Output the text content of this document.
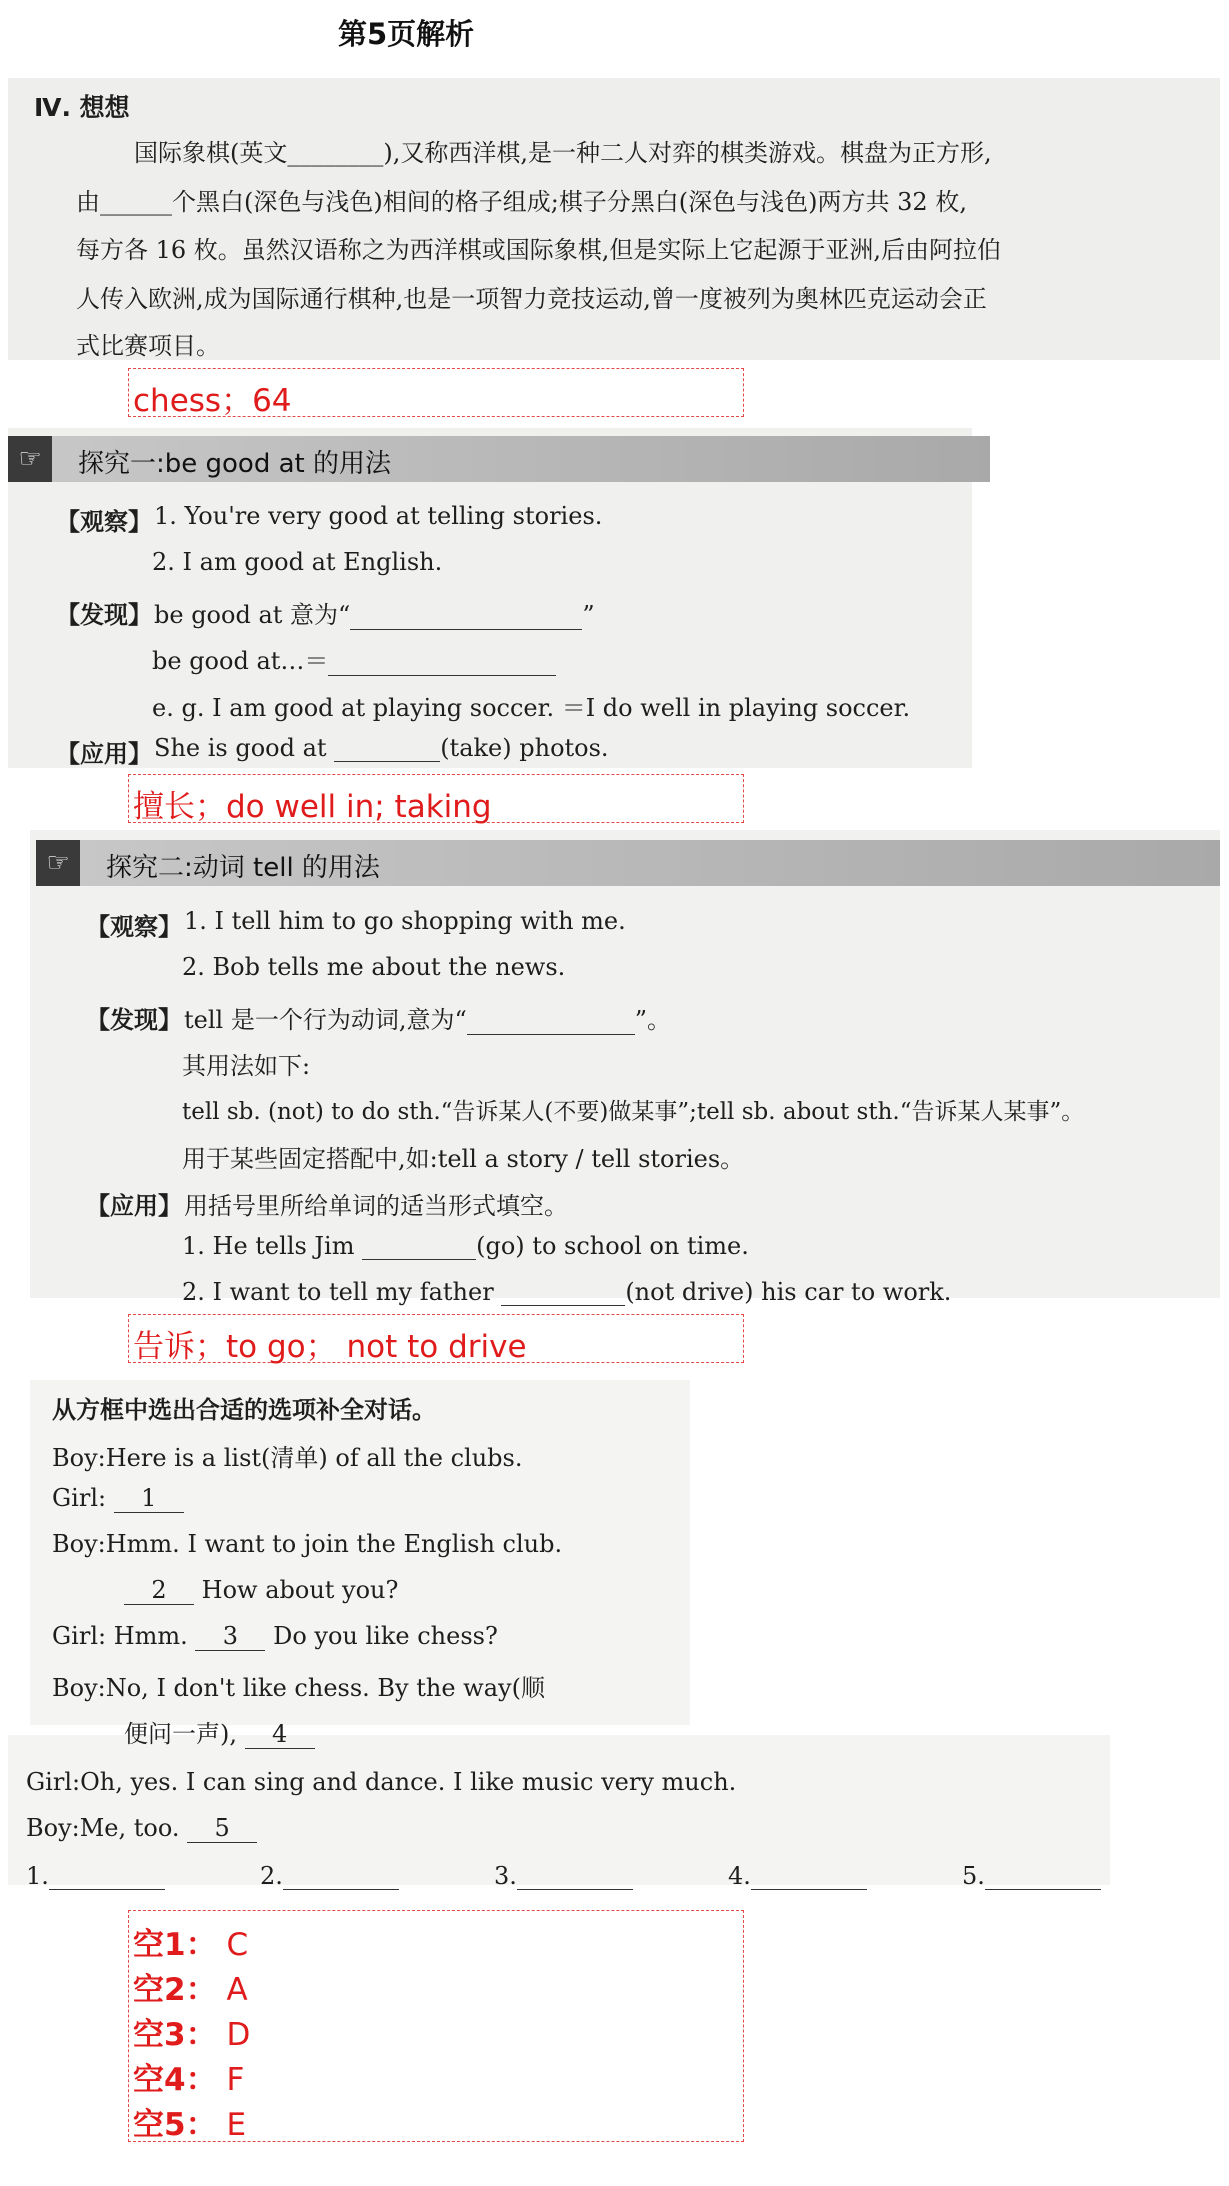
第5页解析
Ⅳ. 想想
国际象棋(英文________),又称西洋棋,是一种二人对弈的棋类游戏。棋盘为正方形,
由______个黑白(深色与浅色)相间的格子组成;棋子分黑白(深色与浅色)两方共 32 枚,
每方各 16 枚。虽然汉语称之为西洋棋或国际象棋,但是实际上它起源于亚洲,后由阿拉伯
人传入欧洲,成为国际通行棋种,也是一项智力竞技运动,曾一度被列为奥林匹克运动会正
式比赛项目。
chess；64
☞	探究一:be good at 的用法
【观察】 1. You're very good at telling stories.
2. I am good at English.
【发现】 be good at 意为“	”
be good at…＝
e. g. I am good at playing soccer. ＝I do well in playing soccer.
【应用】 She is good at	(take) photos.
擅长；do well in; taking
☞	探究二:动词 tell 的用法
【观察】 1. I tell him to go shopping with me.
2. Bob tells me about the news.
【发现】 tell 是一个行为动词,意为“	”。
其用法如下:
tell sb. (not) to do sth.“告诉某人(不要)做某事”;tell sb. about sth.“告诉某人某事”。
用于某些固定搭配中,如:tell a story / tell stories。
【应用】 用括号里所给单词的适当形式填空。
1. He tells Jim	(go) to school on time.
2. I want to tell my father	(not drive) his car to work.
告诉；to go； not to drive
从方框中选出合适的选项补全对话。
Boy:Here is a list(清单) of all the clubs.
Girl: 1
Boy:Hmm. I want to join the English club.
2 How about you?
Girl: Hmm. 3 Do you like chess?
Boy:No, I don't like chess. By the way(顺
便问一声), 4
Girl:Oh, yes. I can sing and dance. I like music very much.
Boy:Me, too. 5
1.	2.	3.	4.	5.
空1： C
空2： A
空3： D
空4： F
空5： E
